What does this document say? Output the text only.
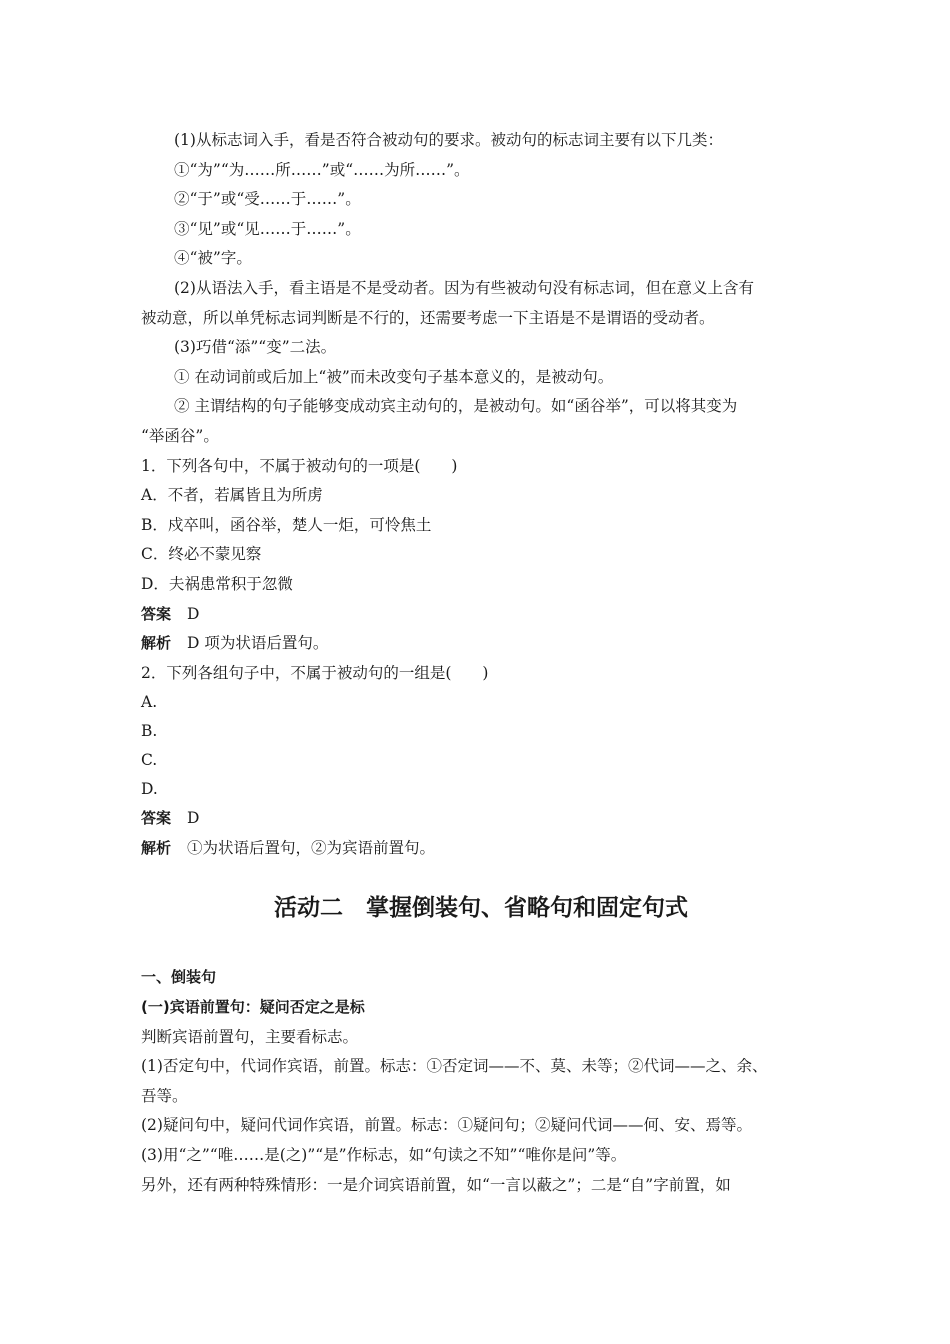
(1)从标志词入手，看是否符合被动句的要求。被动句的标志词主要有以下几类：
①“为”“为……所……”或“……为所……”。
②“于”或“受……于……”。
③“见”或“见……于……”。
④“被”字。
(2)从语法入手，看主语是不是受动者。因为有些被动句没有标志词，但在意义上含有
被动意，所以单凭标志词判断是不行的，还需要考虑一下主语是不是谓语的受动者。
(3)巧借“添”“变”二法。
① 在动词前或后加上“被”而未改变句子基本意义的，是被动句。
② 主谓结构的句子能够变成动宾主动句的，是被动句。如“函谷举”，可以将其变为
“举函谷”。
1．下列各句中，不属于被动句的一项是(　　)
A．不者，若属皆且为所虏
B．戍卒叫，函谷举，楚人一炬，可怜焦土
C．终必不蒙见察
D．夫祸患常积于忽微
答案 D
解析 D 项为状语后置句。
2．下列各组句子中，不属于被动句的一组是(　　)
A.
B.
C.
D.
答案 D
解析 ①为状语后置句，②为宾语前置句。
活动二　掌握倒装句、省略句和固定句式
一、倒装句
(一)宾语前置句：疑问否定之是标
判断宾语前置句，主要看标志。
(1)否定句中，代词作宾语，前置。标志：①否定词——不、莫、未等；②代词——之、余、
吾等。
(2)疑问句中，疑问代词作宾语，前置。标志：①疑问句；②疑问代词——何、安、焉等。
(3)用“之”“唯……是(之)”“是”作标志，如“句读之不知”“唯你是问”等。
另外，还有两种特殊情形：一是介词宾语前置，如“一言以蔽之”；二是“自”字前置，如
